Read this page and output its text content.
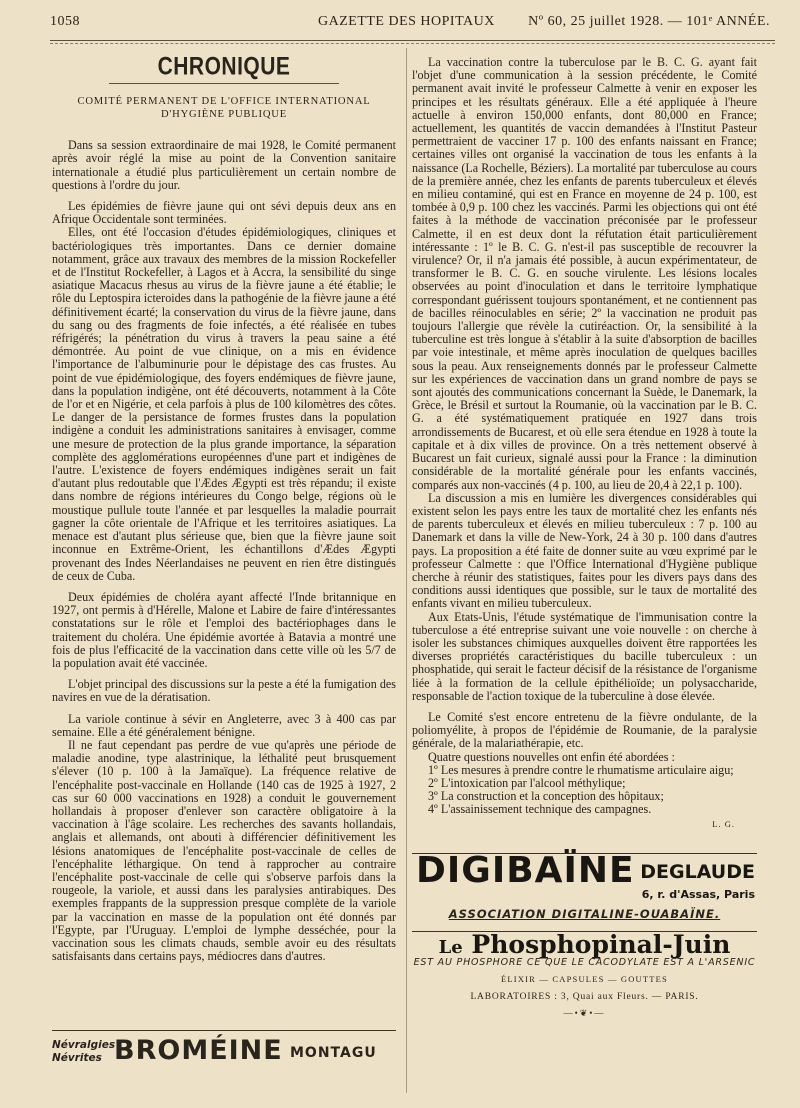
1058	GAZETTE DES HOPITAUX Nº 60, 25 juillet 1928. — 101ᵉ ANNÉE.
CHRONIQUE
COMITÉ PERMANENT DE L'OFFICE INTERNATIONAL
D'HYGIÈNE PUBLIQUE

Dans sa session extraordinaire de mai 1928, le Comité permanent après avoir réglé la mise au point de la Convention sanitaire internationale a étudié plus particulièrement un certain nombre de questions à l'ordre du jour.

Les épidémies de fièvre jaune qui ont sévi depuis deux ans en Afrique Occidentale sont terminées.

Elles, ont été l'occasion d'études épidémiologiques, cliniques et bactériologiques très importantes. Dans ce dernier domaine notamment, grâce aux travaux des membres de la mission Rockefeller et de l'Institut Rockefeller, à Lagos et à Accra, la sensibilité du singe asiatique Macacus rhesus au virus de la fièvre jaune a été établie; le rôle du Leptospira icteroides dans la pathogénie de la fièvre jaune a été définitivement écarté; la conservation du virus de la fièvre jaune, dans du sang ou des fragments de foie infectés, a été réalisée en tubes réfrigérés; la pénétration du virus à travers la peau saine a été démontrée. Au point de vue clinique, on a mis en évidence l'importance de l'albuminurie pour le dépistage des cas frustes. Au point de vue épidémiologique, des foyers endémiques de fièvre jaune, dans la population indigène, ont été découverts, notamment à la Côte de l'or et en Nigérie, et cela parfois à plus de 100 kilomètres des côtes. Le danger de la persistance de formes frustes dans la population indigène a conduit les administrations sanitaires à envisager, comme une mesure de protection de la plus grande importance, la séparation complète des agglomérations européennes d'une part et indigènes de l'autre. L'existence de foyers endémiques indigènes serait un fait d'autant plus redoutable que l'Ædes Ægypti est très répandu; il existe dans nombre de régions intérieures du Congo belge, régions où le moustique pullule toute l'année et par lesquelles la maladie pourrait gagner la côte orientale de l'Afrique et les territoires asiatiques. La menace est d'autant plus sérieuse que, bien que la fièvre jaune soit inconnue en Extrême-Orient, les échantillons d'Ædes Ægypti provenant des Indes Néerlandaises ne peuvent en rien être distingués de ceux de Cuba.

Deux épidémies de choléra ayant affecté l'Inde britannique en 1927, ont permis à d'Hérelle, Malone et Labire de faire d'intéressantes constatations sur le rôle et l'emploi des bactériophages dans le traitement du choléra. Une épidémie avortée à Batavia a montré une fois de plus l'efficacité de la vaccination dans cette ville où les 5/7 de la population avait été vaccinée.

L'objet principal des discussions sur la peste a été la fumigation des navires en vue de la dératisation.

La variole continue à sévir en Angleterre, avec 3 à 400 cas par semaine. Elle a été généralement bénigne.

Il ne faut cependant pas perdre de vue qu'après une période de maladie anodine, type alastrinique, la léthalité peut brusquement s'élever (10 p. 100 à la Jamaïque). La fréquence relative de l'encéphalite post-vaccinale en Hollande (140 cas de 1925 à 1927, 2 cas sur 60 000 vaccinations en 1928) a conduit le gouvernement hollandais à proposer d'enlever son caractère obligatoire à la vaccination à l'âge scolaire. Les recherches des savants hollandais, anglais et allemands, ont abouti à différencier définitivement les lésions anatomiques de l'encéphalite post-vaccinale de celles de l'encéphalite léthargique. On tend à rapprocher au contraire l'encéphalite post-vaccinale de celle qui s'observe parfois dans la rougeole, la variole, et aussi dans les paralysies antirabiques. Des exemples frappants de la suppression presque complète de la variole par la vaccination en masse de la population ont été donnés par l'Egypte, par l'Uruguay. L'emploi de lymphe desséchée, pour la vaccination sous les climats chauds, semble avoir eu des résultats satisfaisants dans certains pays, médiocres dans d'autres.

Névralgies
Névrites BROMÉINE MONTAGU

La vaccination contre la tuberculose par le B. C. G. ayant fait l'objet d'une communication à la session précédente, le Comité permanent avait invité le professeur Calmette à venir en exposer les principes et les résultats généraux. Elle a été appliquée à l'heure actuelle à environ 150,000 enfants, dont 80,000 en France; actuellement, les quantités de vaccin demandées à l'Institut Pasteur permettraient de vacciner 17 p. 100 des enfants naissant en France; certaines villes ont organisé la vaccination de tous les enfants à la naissance (La Rochelle, Béziers). La mortalité par tuberculose au cours de la première année, chez les enfants de parents tuberculeux et élevés en milieu contaminé, qui est en France en moyenne de 24 p. 100, est tombée à 0,9 p. 100 chez les vaccinés. Parmi les objections qui ont été faites à la méthode de vaccination préconisée par le professeur Calmette, il en est deux dont la réfutation était particulièrement intéressante : 1º le B. C. G. n'est-il pas susceptible de recouvrer la virulence? Or, il n'a jamais été possible, à aucun expérimentateur, de transformer le B. C. G. en souche virulente. Les lésions locales observées au point d'inoculation et dans le territoire lymphatique correspondant guérissent toujours spontanément, et ne contiennent pas de bacilles réinoculables en série; 2º la vaccination ne produit pas toujours l'allergie que révèle la cutiréaction. Or, la sensibilité à la tuberculine est très longue à s'établir à la suite d'absorption de bacilles par voie intestinale, et même après inoculation de quelques bacilles sous la peau. Aux renseignements donnés par le professeur Calmette sur les expériences de vaccination dans un grand nombre de pays se sont ajoutés des communications concernant la Suède, le Danemark, la Grèce, le Brésil et surtout la Roumanie, où la vaccination par le B. C. G. a été systématiquement pratiquée en 1927 dans trois arrondissements de Bucarest, et où elle sera étendue en 1928 à toute la capitale et à dix villes de province. On a très nettement observé à Bucarest un fait curieux, signalé aussi pour la France : la diminution considérable de la mortalité générale pour les enfants vaccinés, comparés aux non-vaccinés (4 p. 100, au lieu de 20,4 à 22,1 p. 100).

La discussion a mis en lumière les divergences considérables qui existent selon les pays entre les taux de mortalité chez les enfants nés de parents tuberculeux et élevés en milieu tuberculeux : 7 p. 100 au Danemark et dans la ville de New-York, 24 à 30 p. 100 dans d'autres pays. La proposition a été faite de donner suite au vœu exprimé par le professeur Calmette : que l'Office International d'Hygiène publique cherche à réunir des statistiques, faites pour les divers pays dans des conditions aussi identiques que possible, sur le taux de mortalité des enfants vivant en milieu tuberculeux.

Aux Etats-Unis, l'étude systématique de l'immunisation contre la tuberculose a été entreprise suivant une voie nouvelle : on cherche à isoler les substances chimiques auxquelles doivent être rapportées les diverses propriétés caractéristiques du bacille tuberculeux : un phosphatide, qui serait le facteur décisif de la résistance de l'organisme liée à la formation de la cellule épithélioïde; un polysaccharide, responsable de l'action toxique de la tuberculine à dose élevée.

Le Comité s'est encore entretenu de la fièvre ondulante, de la poliomyélite, à propos de l'épidémie de Roumanie, de la paralysie générale, de la malariathérapie, etc.

Quatre questions nouvelles ont enfin été abordées :

1º Les mesures à prendre contre le rhumatisme articulaire aigu;

2º L'intoxication par l'alcool méthylique;

3º La construction et la conception des hôpitaux;

4º L'assainissement technique des campagnes.

L. G.
DIGIBAÏNE DEGLAUDE
6, r. d'Assas, Paris
ASSOCIATION DIGITALINE-OUABAÏNE.
Le Phosphopinal-Juin
EST AU PHOSPHORE CE QUE LE CACODYLATE EST A L'ARSENIC
ÉLIXIR — CAPSULES — GOUTTES
LABORATOIRES : 3, Quai aux Fleurs. — PARIS.
—•❦•—
